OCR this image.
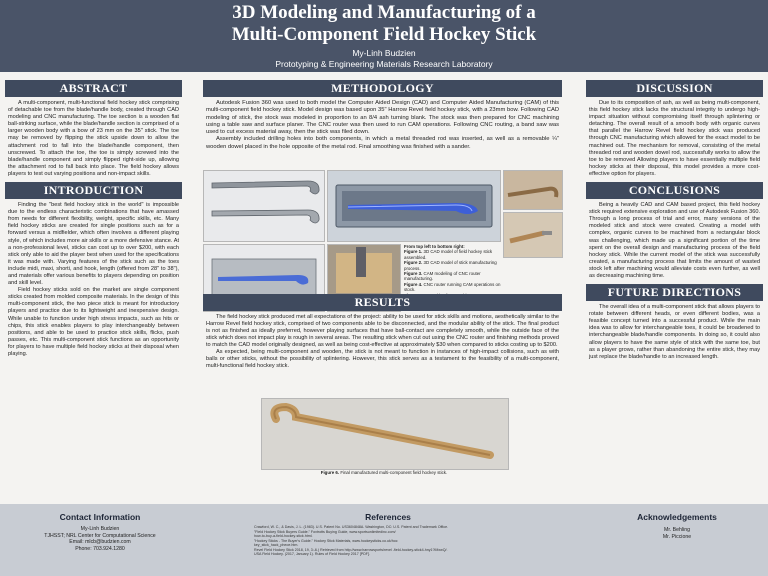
3D Modeling and Manufacturing of a
Multi-Component Field Hockey Stick
My-Linh Budzien
Prototyping & Engineering Materials Research Laboratory
ABSTRACT

A multi-component, multi-functional field hockey stick comprising of detachable toe from the blade/handle body, created through CAD modeling and CNC manufacturing. The toe section is a wooden flat ball-striking surface, while the blade/handle section is comprised of a larger wooden body with a bow of 23 mm on the 35" stick. The toe may be removed by flipping the stick upside down to allow the attachment rod to fall into the blade/handle component, then unscrewed. To attach the toe, the toe is simply screwed into the blade/handle component and simply flipped right-side up, allowing the attachment rod to fall back into place. The field hockey allows players to test out varying positions and non-impact skills.

INTRODUCTION

Finding the "best field hockey stick in the world" is impossible due to the endless characteristic combinations that have amassed from needs for different flexibility, weight, specific skills, etc. Many field hockey sticks are created for single positions such as for a forward versus a midfielder, which often involves a different playing style, of which includes more air skills or a more defensive stance. At a non-professional level, sticks can cost up to over $200, with each stick only able to aid the player best when used for the specifications it was made with. Varying features of the stick such as the toes include midi, maxi, shorti, and hook, length (offered from 28" to 38"), and materials offer various benefits to players depending on position and skill level.

Field hockey sticks sold on the market are single component sticks created from molded composite materials. In the design of this multi-component stick, the two piece stick is meant for introductory players and practice due to its lightweight and inexpensive design. While unable to function under high stress impacts, such as hits or chips, this stick enables players to play interchangeably between positions, and able to be used to practice stick skills, flicks, push passes, etc. This multi-component stick functions as an opportunity for players to have multiple field hockey sticks at their disposal when playing.

METHODOLOGY

Autodesk Fusion 360 was used to both model the Computer Aided Design (CAD) and Computer Aided Manufacturing (CAM) of this multi-component field hockey stick. Model design was based upon 35" Harrow Revel field hockey stick, with a 23mm bow. Following CAD modeling of stick, the stock was modeled in proportion to an 8/4 ash turning blank. The stock was then prepared for CNC machining using a table saw and surface planer. The CNC router was then used to run CAM operations. Following CNC routing, a band saw was used to cut excess material away, then the stick was filed down.

Assembly included drilling holes into both components, in which a metal threaded rod was inserted, as well as a removable ¼" wooden dowel placed in the hole opposite of the metal rod. Final smoothing was finished with a sander.

From top left to bottom right:
Figure 1. 3D CAD model of field hockey stick assembled.
Figure 2. 3D CAD model of stick manufacturing process.
Figure 3. CAM modeling of CNC router manufacturing.
Figure 4. CNC router running CAM operations on stock.
RESULTS

The field hockey stick produced met all expectations of the project: ability to be used for stick skills and motions, aesthetically similar to the Harrow Revel field hockey stick, comprised of two components able to be disconnected, and the modular ability of the stick. The final product is not as finished as ideally preferred, however playing surfaces that have ball-contact are completely smooth, while the outside face of the stick which does not impact play is rough in several areas. The resulting stick when cut out using the CNC router and finishing methods proved to match the CAD model originally designed, as well as being cost-effective at approximately $30 when compared to sticks costing up to $200.

As expected, being multi-component and wooden, the stick is not meant to function in instances of high-impact collisions, such as with balls or other sticks, without the possibility of splintering. However, this stick serves as a testament to the feasibility of a multi-component, multi-functional field hockey stick.

Figure 6. Final manufactured multi-component field hockey stick.
DISCUSSION

Due to its composition of ash, as well as being multi-component, this field hockey stick lacks the structural integrity to undergo high-impact situation without compromising itself through splintering or detaching. The overall result of a smooth body with organic curves that parallel the Harrow Revel field hockey stick was produced through CNC manufacturing which allowed for the exact model to be machined out. The mechanism for removal, consisting of the metal threaded rod and wooden dowel rod, successfully works to allow the toe to be removed Allowing players to have essentially multiple field hockey sticks at their disposal, this model provides a more cost-effective option for players.

CONCLUSIONS

Being a heavily CAD and CAM based project, this field hockey stick required extensive exploration and use of Autodesk Fusion 360. Through a long process of trial and error, many versions of the modeled stick and stock were created. Creating a model with complex, organic curves to be machined from a rectangular block was challenging, which made up a significant portion of the time spent on the overall design and manufacturing process of the field hockey stick. While the current model of the stick was successfully created, a manufacturing process that limits the amount of wasted stock left after machining would alleviate costs even further, as well as decreasing machining time.

FUTURE DIRECTIONS

The overall idea of a multi-component stick that allows players to rotate between different heads, or even different bodies, was a feasible concept turned into a successful product. While the main idea was to allow for interchangeable toes, it could be broadened to interchangeable blade/handle components. In doing so, it could also allow players to have the same style of stick with the same toe, but as a player grows, rather than abandoning the entire stick, they may just replace the blade/handle to an increased length.

Contact Information
My-Linh Budzien
TJHSST; NRL Center for Computational Science
Email: mlcb@budzien.com
Phone: 703.924.1280
References
Crawford, W. C., & Davis, J. L. (1983). U.S. Patent No. US3604848A. Washington, DC: U.S. Patent and Trademark Office.
"Field Hockey Stick Buyers Guide." Foxtrotts Buying Guide, www.sportsunlimitedinc.com/
how-to-buy-a-field-hockey-stick.html.
"Hockey Sticks - The Buyer's Guide." Hockey Stick Materials, www.hockeysticks.co.uk/hoc
key_stick_hack_pheoe.htm.
Revel Field Hockey Stick 2018, 19, 3:-6.) Retrieved from http://www.harrowsports/revel -field-hockey-stick4-hny1?lMxwQ/.
USA Field Hockey. (2017, January 1). Rules of Field Hockey 2017 [PDF].
Acknowledgements
Mr. Behling
Mr. Piccione
